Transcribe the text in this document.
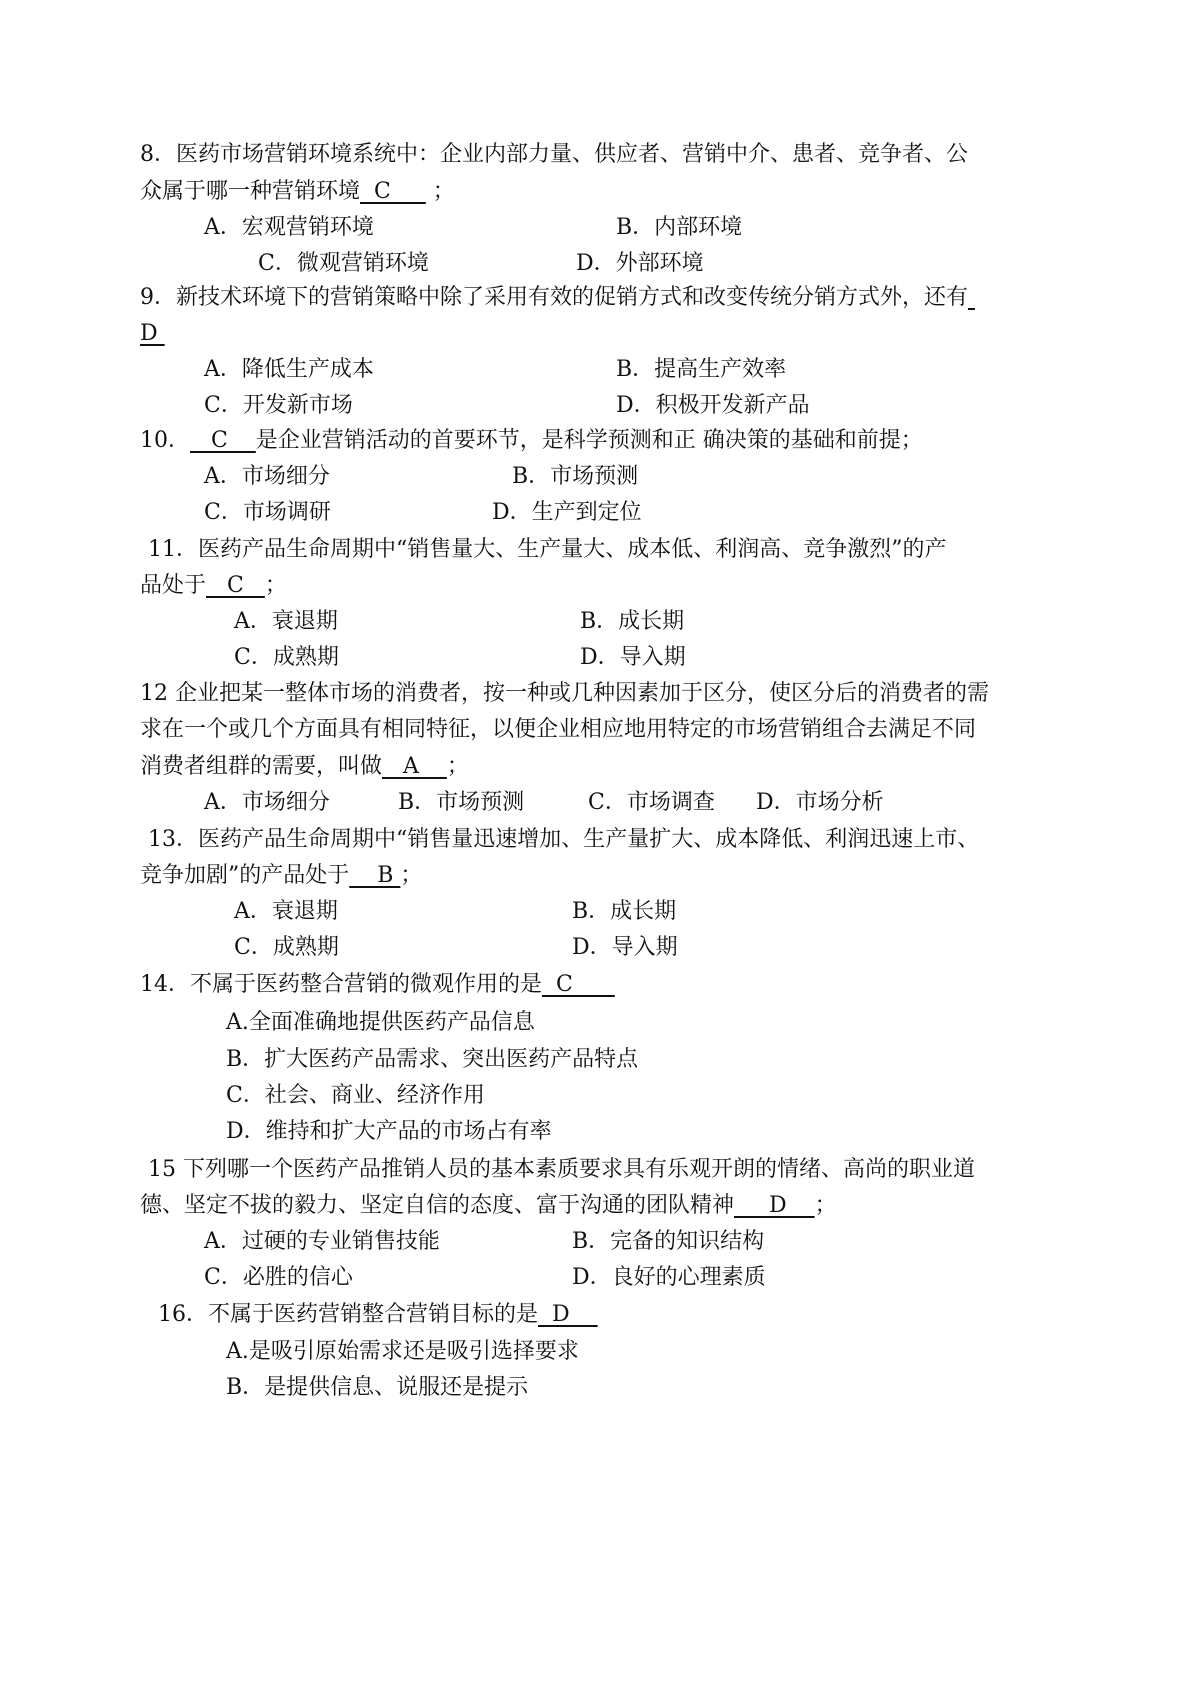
8．医药市场营销环境系统中：企业内部力量、供应者、营销中介、患者、竞争者、公
众属于哪一种营销环境  C      ；
A．宏观营销环境	B．内部环境
C．微观营销环境	D．外部环境
9．新技术环境下的营销策略中除了采用有效的促销方式和改变传统分销方式外，还有
D
A．降低生产成本	B．提高生产效率
C．开发新市场	D．积极开发新产品
10．   C    是企业营销活动的首要环节，是科学预测和正 确决策的基础和前提；
A．市场细分	B．市场预测
C．市场调研	D．生产到定位
11．医药产品生命周期中“销售量大、生产量大、成本低、利润高、竞争激烈”的产
品处于   C   ；
A．衰退期	B．成长期
C．成熟期	D．导入期
12 企业把某一整体市场的消费者，按一种或几种因素加于区分，使区分后的消费者的需
求在一个或几个方面具有相同特征，以便企业相应地用特定的市场营销组合去满足不同
消费者组群的需要，叫做   A    ；
A．市场细分	B．市场预测	C．市场调查 D．市场分析
13．医药产品生命周期中“销售量迅速增加、生产量扩大、成本降低、利润迅速上市、
竞争加剧”的产品处于    B ；
A．衰退期	B．成长期
C．成熟期	D．导入期
14．不属于医药整合营销的微观作用的是  C
A.全面准确地提供医药产品信息
B．扩大医药产品需求、突出医药产品特点
C．社会、商业、经济作用
D．维持和扩大产品的市场占有率
15 下列哪一个医药产品推销人员的基本素质要求具有乐观开朗的情绪、高尚的职业道
德、坚定不拔的毅力、坚定自信的态度、富于沟通的团队精神     D    ；
A．过硬的专业销售技能	B．完备的知识结构
C．必胜的信心	D．良好的心理素质
16．不属于医药营销整合营销目标的是  D
A.是吸引原始需求还是吸引选择要求
B．是提供信息、说服还是提示
